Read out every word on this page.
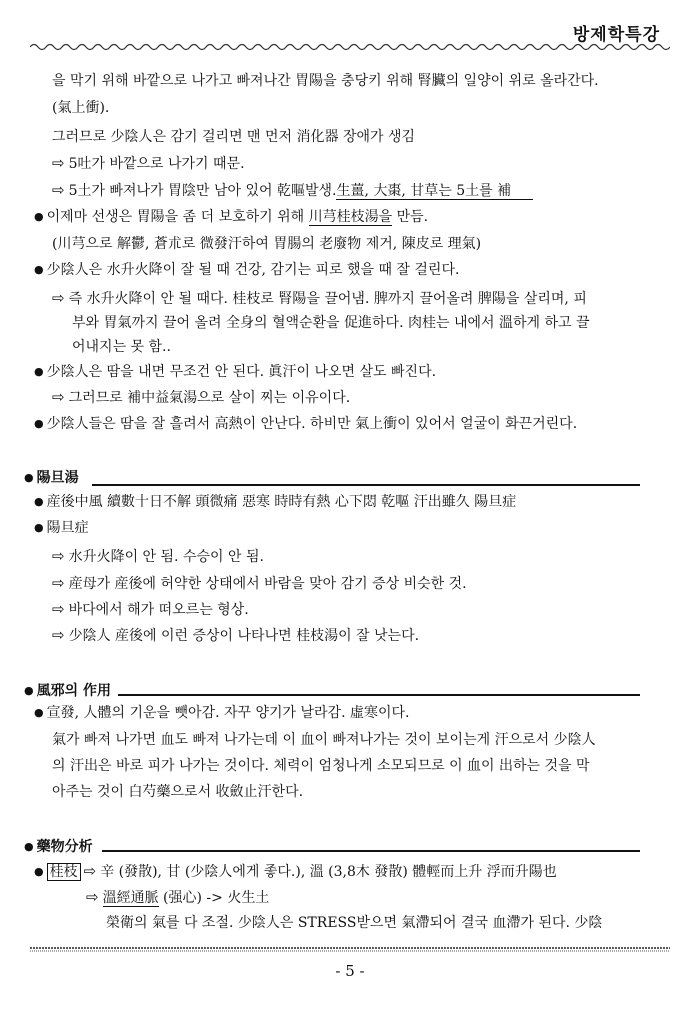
방제학특강
을 막기 위해 바깥으로 나가고 빠져나간 胃陽을 충당키 위해 腎臟의 일양이 위로 올라간다.
(氣上衝).
그러므로 少陰人은 감기 걸리면 맨 먼저 消化器 장애가 생김
⇨ 5吐가 바깥으로 나가기 때문.
⇨ 5土가 빠져나가 胃陰만 남아 있어 乾嘔발생.生薑, 大棗, 甘草는 5土를 補
● 이제마 선생은 胃陽을 좀 더 보호하기 위해 川芎桂枝湯을 만듬.
(川芎으로 解鬱, 蒼朮로 微發汗하여 胃腸의 老廢物 제거, 陳皮로 理氣)
● 少陰人은 水升火降이 잘 될 때 건강, 감기는 피로 했을 때 잘 걸린다.
⇨ 즉 水升火降이 안 될 때다. 桂枝로 腎陽을 끌어냄. 脾까지 끌어올려 脾陽을 살리며, 피
부와 胃氣까지 끌어 올려 全身의 혈액순환을 促進하다. 肉桂는 내에서 溫하게 하고 끌
어내지는 못 함..
● 少陰人은 땀을 내면 무조건 안 된다. 眞汗이 나오면 살도 빠진다.
⇨ 그러므로 補中益氣湯으로 살이 찌는 이유이다.
● 少陰人들은 땀을 잘 흘려서 高熱이 안난다. 하비만 氣上衝이 있어서 얼굴이 화끈거린다.
● 陽旦湯
● 産後中風 續數十日不解 頭微痛 惡寒 時時有熱 心下悶 乾嘔 汗出雖久 陽旦症
● 陽旦症
⇨ 水升火降이 안 됨. 수승이 안 됨.
⇨ 産母가 産後에 허약한 상태에서 바람을 맞아 감기 증상 비슷한 것.
⇨ 바다에서 해가 떠오르는 형상.
⇨ 少陰人 産後에 이런 증상이 나타나면 桂枝湯이 잘 낫는다.
● 風邪의 作用
● 宣發, 人體의 기운을 뺏아감. 자꾸 양기가 날라감. 虛寒이다.
氣가 빠져 나가면 血도 빠져 나가는데 이 血이 빠져나가는 것이 보이는게 汗으로서 少陰人
의 汗出은 바로 피가 나가는 것이다. 체력이 엄청나게 소모되므로 이 血이 出하는 것을 막
아주는 것이 白芍藥으로서 收斂止汗한다.
● 藥物分析
● 桂枝 ⇨ 辛 (發散), 甘 (少陰人에게 좋다.), 溫 (3,8木 發散) 體輕而上升 浮而升陽也
⇨ 溫經通脈 (强心) -> 火生土
榮衛의 氣를 다 조절. 少陰人은 STRESS받으면 氣滯되어 결국 血滯가 된다. 少陰
- 5 -
